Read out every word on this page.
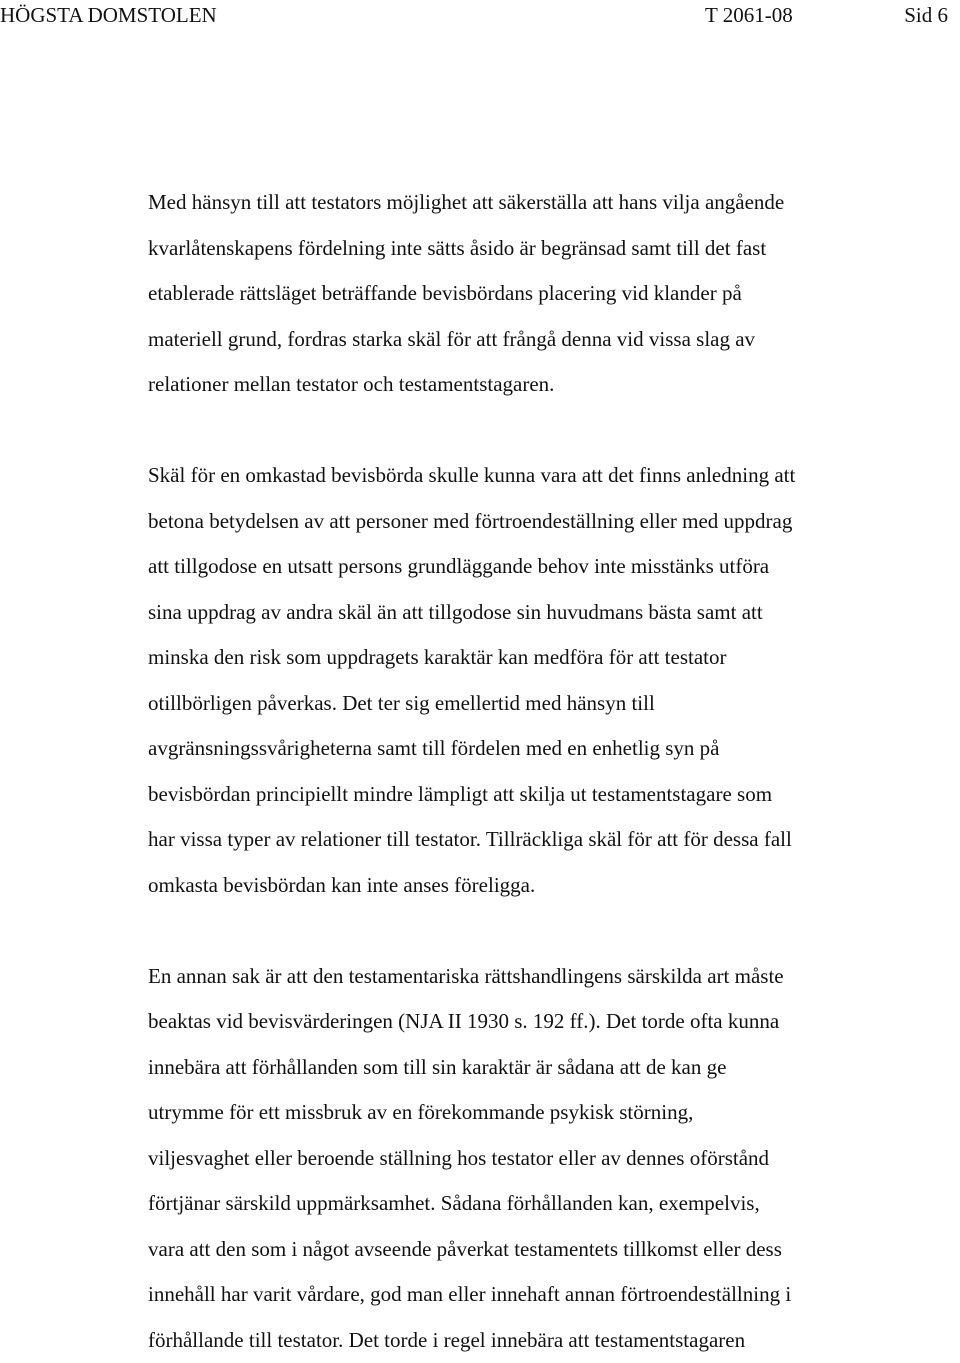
HÖGSTA DOMSTOLEN	T 2061-08	Sid 6

Med hänsyn till att testators möjlighet att säkerställa att hans vilja angående

kvarlåtenskapens fördelning inte sätts åsido är begränsad samt till det fast

etablerade rättsläget beträffande bevisbördans placering vid klander på

materiell grund, fordras starka skäl för att frångå denna vid vissa slag av

relationer mellan testator och testamentstagaren.

Skäl för en omkastad bevisbörda skulle kunna vara att det finns anledning att

betona betydelsen av att personer med förtroendeställning eller med uppdrag

att tillgodose en utsatt persons grundläggande behov inte misstänks utföra

sina uppdrag av andra skäl än att tillgodose sin huvudmans bästa samt att

minska den risk som uppdragets karaktär kan medföra för att testator

otillbörligen påverkas. Det ter sig emellertid med hänsyn till

avgränsningssvårigheterna samt till fördelen med en enhetlig syn på

bevisbördan principiellt mindre lämpligt att skilja ut testamentstagare som

har vissa typer av relationer till testator. Tillräckliga skäl för att för dessa fall

omkasta bevisbördan kan inte anses föreligga.

En annan sak är att den testamentariska rättshandlingens särskilda art måste

beaktas vid bevisvärderingen (NJA II 1930 s. 192 ff.). Det torde ofta kunna

innebära att förhållanden som till sin karaktär är sådana att de kan ge

utrymme för ett missbruk av en förekommande psykisk störning,

viljesvaghet eller beroende ställning hos testator eller av dennes oförstånd

förtjänar särskild uppmärksamhet. Sådana förhållanden kan, exempelvis,

vara att den som i något avseende påverkat testamentets tillkomst eller dess

innehåll har varit vårdare, god man eller innehaft annan förtroendeställning i

förhållande till testator. Det torde i regel innebära att testamentstagaren
